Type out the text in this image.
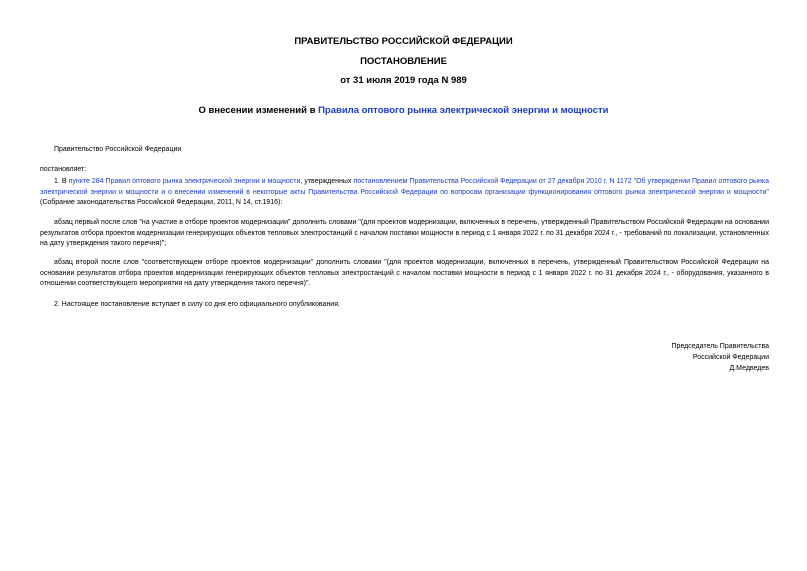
ПРАВИТЕЛЬСТВО РОССИЙСКОЙ ФЕДЕРАЦИИ
ПОСТАНОВЛЕНИЕ
от 31 июля 2019 года N 989
О внесении изменений в Правила оптового рынка электрической энергии и мощности
Правительство Российской Федерации
постановляет:
1. В пункте 284 Правил оптового рынка электрической энергии и мощности, утвержденных постановлением Правительства Российской Федерации от 27 декабря 2010 г. N 1172 "Об утверждении Правил оптового рынка электрической энергии и мощности и о внесении изменений в некоторые акты Правительства Российской Федерации по вопросам организации функционирования оптового рынка электрической энергии и мощности" (Собрание законодательства Российской Федерации, 2011, N 14, ст.1916):
абзац первый после слов "на участие в отборе проектов модернизации" дополнить словами "(для проектов модернизации, включенных в перечень, утвержденный Правительством Российской Федерации на основании результатов отбора проектов модернизации генерирующих объектов тепловых электростанций с началом поставки мощности в период с 1 января 2022 г. по 31 декабря 2024 г., - требований по локализации, установленных на дату утверждения такого перечня)";
абзац второй после слов "соответствующем отборе проектов модернизации" дополнить словами "(для проектов модернизации, включенных в перечень, утвержденный Правительством Российской Федерации на основании результатов отбора проектов модернизации генерирующих объектов тепловых электростанций с началом поставки мощности в период с 1 января 2022 г. по 31 декабря 2024 г., - оборудования, указанного в отношении соответствующего мероприятия на дату утверждения такого перечня)".
2. Настоящее постановление вступает в силу со дня его официального опубликования.
Председатель Правительства
Российской Федерации
Д.Медведев
